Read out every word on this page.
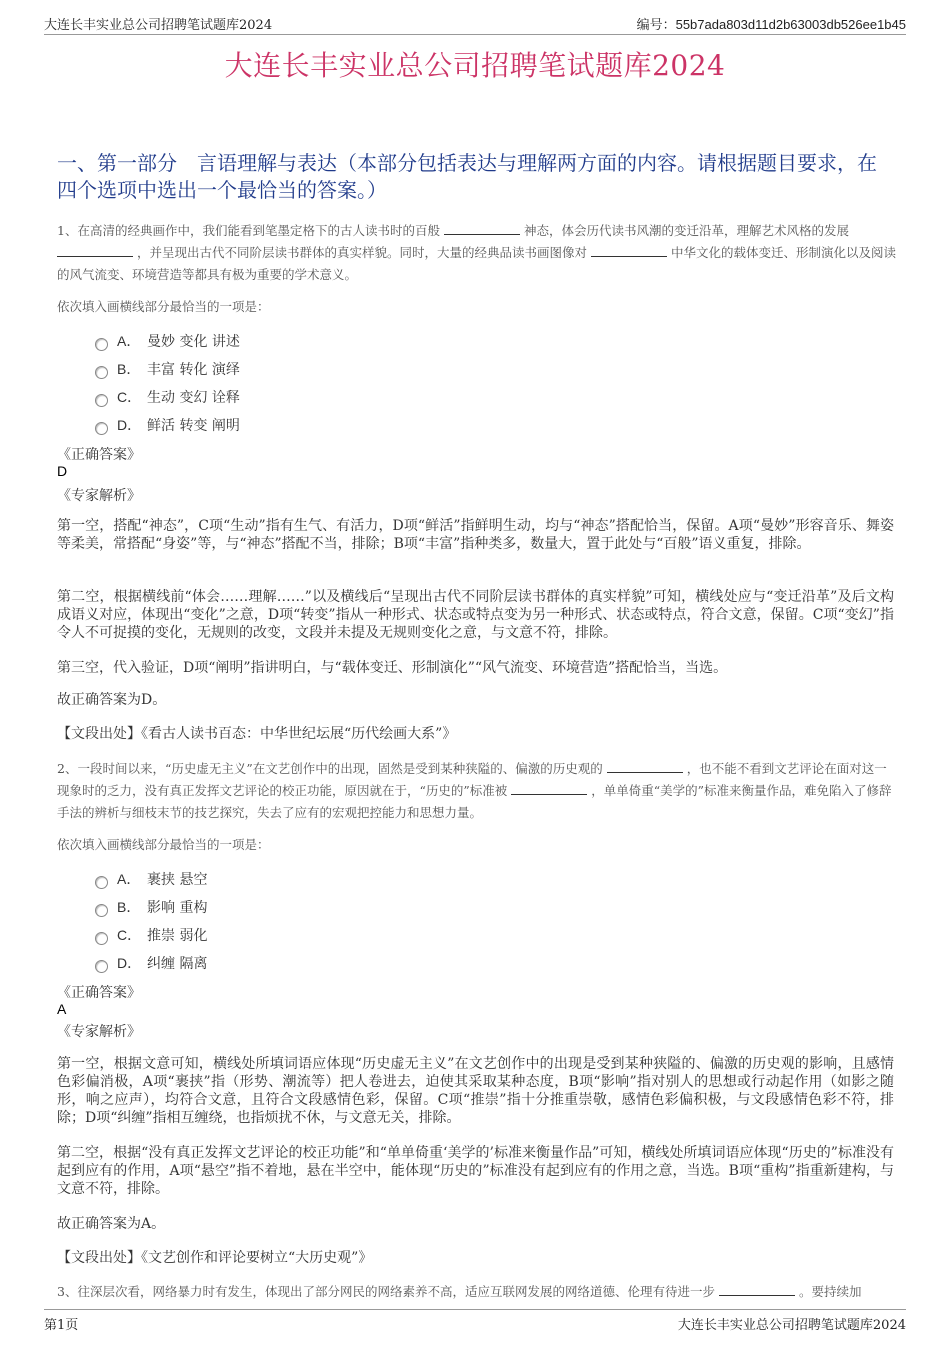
大连长丰实业总公司招聘笔试题库2024	编号：55b7ada803d11d2b63003db526ee1b45
大连长丰实业总公司招聘笔试题库2024
一、第一部分　言语理解与表达（本部分包括表达与理解两方面的内容。请根据题目要求，在四个选项中选出一个最恰当的答案。）
1、在高清的经典画作中，我们能看到笔墨定格下的古人读书时的百般	神态，体会历代读书风潮的变迁沿革，理解艺术风格的发展
，并呈现出古代不同阶层读书群体的真实样貌。同时，大量的经典品读书画图像对	中华文化的载体变迁、形制演化以及阅读的风气流变、环境营造等都具有极为重要的学术意义。
依次填入画横线部分最恰当的一项是：
A． 曼妙 变化 讲述
B． 丰富 转化 演绎
C． 生动 变幻 诠释
D． 鲜活 转变 阐明
《正确答案》
D
《专家解析》
第一空，搭配“神态”，C项“生动”指有生气、有活力，D项“鲜活”指鲜明生动，均与“神态”搭配恰当，保留。A项“曼妙”形容音乐、舞姿等柔美，常搭配“身姿”等，与“神态”搭配不当，排除；B项“丰富”指种类多，数量大，置于此处与“百般”语义重复，排除。
第二空，根据横线前“体会……理解……”以及横线后“呈现出古代不同阶层读书群体的真实样貌”可知，横线处应与“变迁沿革”及后文构成语义对应，体现出“变化”之意，D项“转变”指从一种形式、状态或特点变为另一种形式、状态或特点，符合文意，保留。C项“变幻”指令人不可捉摸的变化，无规则的改变，文段并未提及无规则变化之意，与文意不符，排除。
第三空，代入验证，D项“阐明”指讲明白，与“载体变迁、形制演化”“风气流变、环境营造”搭配恰当，当选。
故正确答案为D。
【文段出处】《看古人读书百态：中华世纪坛展“历代绘画大系”》
2、一段时间以来，“历史虚无主义”在文艺创作中的出现，固然是受到某种狭隘的、偏激的历史观的	，也不能不看到文艺评论在面对这一现象时的乏力，没有真正发挥文艺评论的校正功能，原因就在于，“历史的”标准被	，单单倚重“美学的”标准来衡量作品，难免陷入了修辞手法的辨析与细枝末节的技艺探究，失去了应有的宏观把控能力和思想力量。
依次填入画横线部分最恰当的一项是：
A． 裹挟 悬空
B． 影响 重构
C． 推崇 弱化
D． 纠缠 隔离
《正确答案》
A
《专家解析》
第一空，根据文意可知，横线处所填词语应体现“历史虚无主义”在文艺创作中的出现是受到某种狭隘的、偏激的历史观的影响，且感情色彩偏消极，A项“裹挟”指（形势、潮流等）把人卷进去，迫使其采取某种态度，B项“影响”指对别人的思想或行动起作用（如影之随形，响之应声），均符合文意，且符合文段感情色彩，保留。C项“推崇”指十分推重崇敬，感情色彩偏积极，与文段感情色彩不符，排除；D项“纠缠”指相互缠绕，也指烦扰不休，与文意无关，排除。
第二空，根据“没有真正发挥文艺评论的校正功能”和“单单倚重‘美学的’标准来衡量作品”可知，横线处所填词语应体现“历史的”标准没有起到应有的作用，A项“悬空”指不着地，悬在半空中，能体现“历史的”标准没有起到应有的作用之意，当选。B项“重构”指重新建构，与文意不符，排除。
故正确答案为A。
【文段出处】《文艺创作和评论要树立“大历史观”》
3、往深层次看，网络暴力时有发生，体现出了部分网民的网络素养不高，适应互联网发展的网络道德、伦理有待进一步	。要持续加
第1页	大连长丰实业总公司招聘笔试题库2024
